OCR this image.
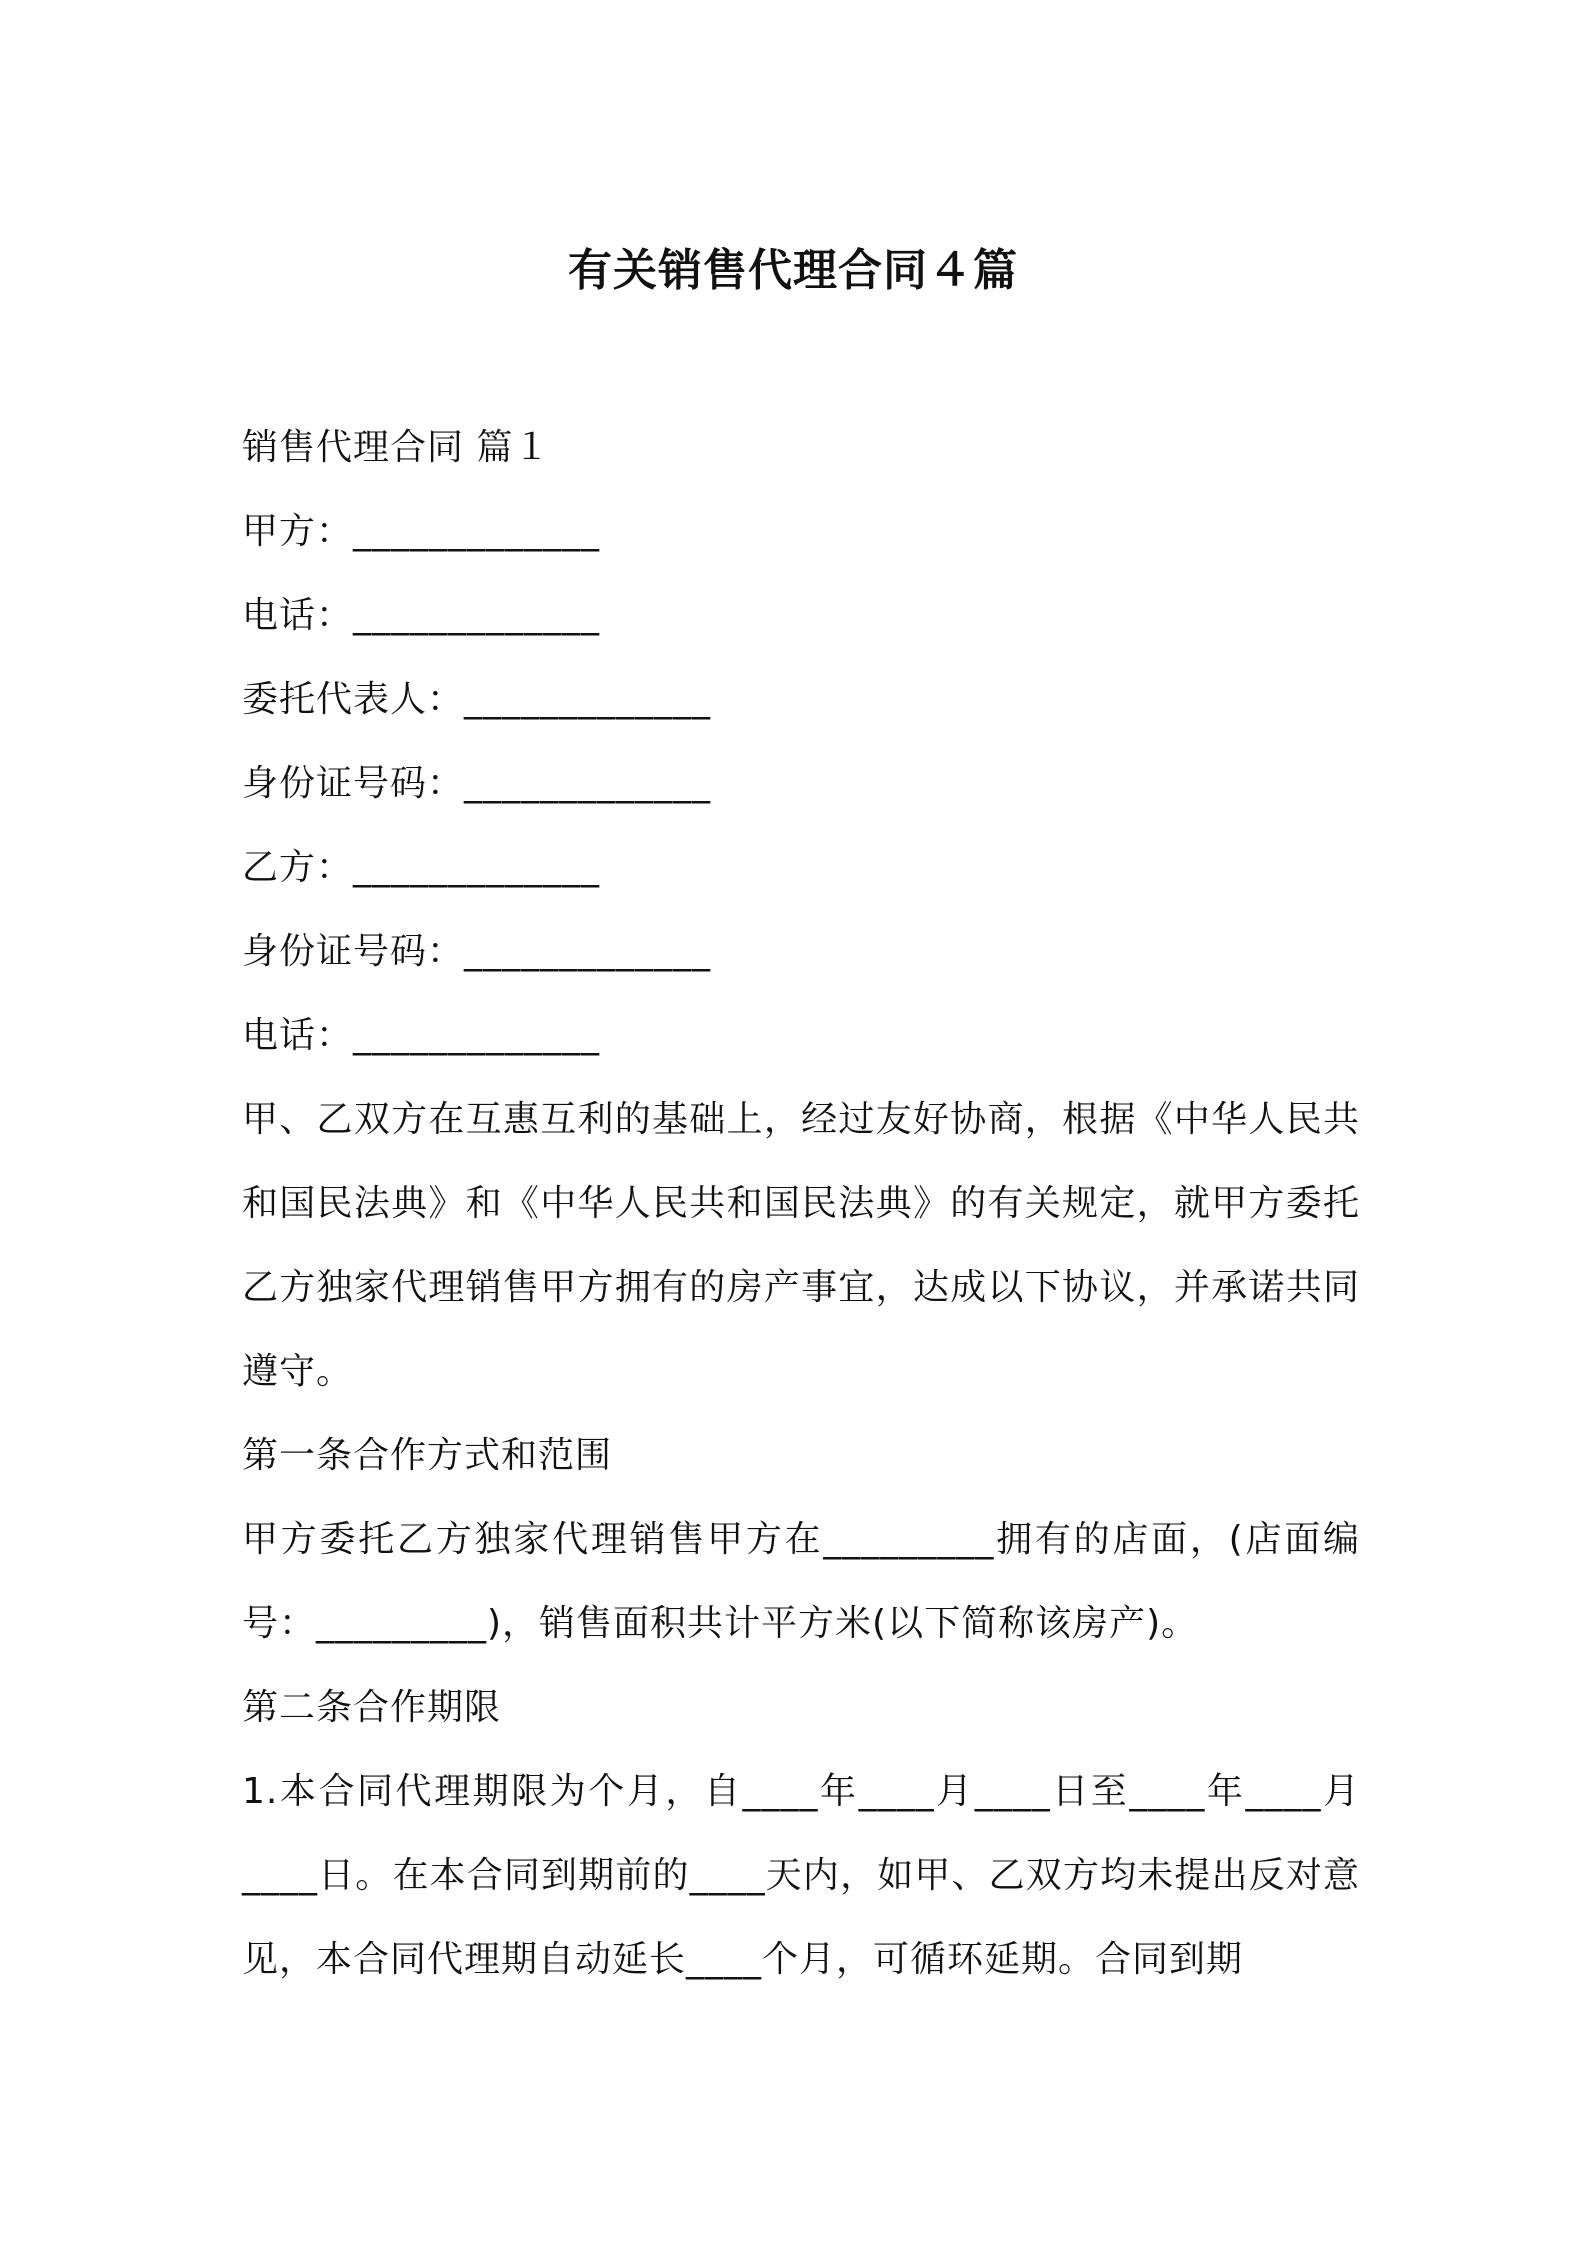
有关销售代理合同４篇

销售代理合同 篇１

甲方：_____________

电话：_____________

委托代表人：_____________

身份证号码：_____________

乙方：_____________

身份证号码：_____________

电话：_____________

甲、乙双方在互惠互利的基础上，经过友好协商，根据《中华人民共和国民法典》和《中华人民共和国民法典》的有关规定，就甲方委托乙方独家代理销售甲方拥有的房产事宜，达成以下协议，并承诺共同遵守。

第一条合作方式和范围

甲方委托乙方独家代理销售甲方在_________拥有的店面，(店面编号：_________)，销售面积共计平方米(以下简称该房产)。

第二条合作期限

1.本合同代理期限为个月，自____年____月____日至____年____月____日。在本合同到期前的____天内，如甲、乙双方均未提出反对意见，本合同代理期自动延长____个月，可循环延期。合同到期
